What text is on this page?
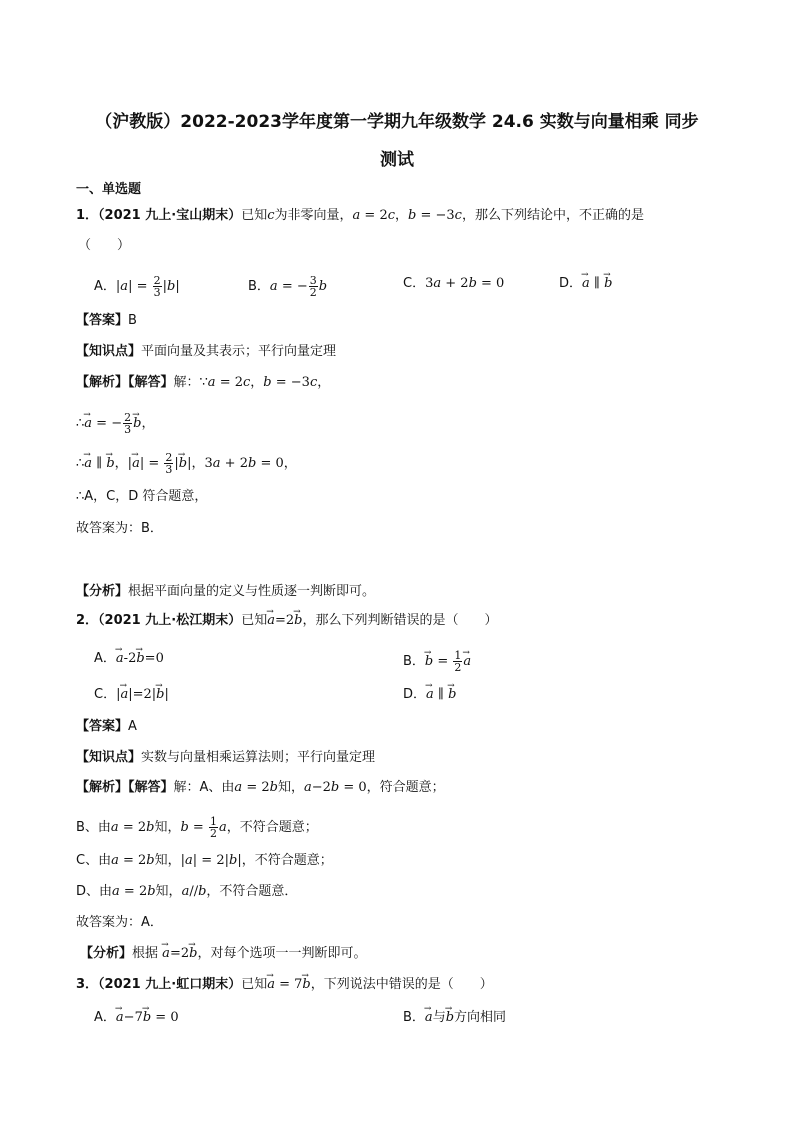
（沪教版）2022-2023学年度第一学期九年级数学 24.6 实数与向量相乘 同步
测试
一、单选题
1．（2021 九上·宝山期末）已知c为非零向量，a = 2c，b = −3c，那么下列结论中，不正确的是
（　　）
A．$|a| = \frac{2}{3} |b|$	B．a = − $\frac{3}{2}$ b	C．3a + 2b = 0	D．→ a ∥ → b
【答案】B
【知识点】平面向量及其表示；平行向量定理
【解析】【解答】解：∵a = 2c，b = −3c，
∴→ a = − $\frac{2}{3}$
→ b，
∴→ a ∥ → b，|→ $a| = \frac{2}{3}$ |→ b|，3a + 2b = 0，
∴A，C，D 符合题意，
故答案为：B．
【分析】根据平面向量的定义与性质逐一判断即可。
2．（2021 九上·松江期末）已知→ a=2→ b，那么下列判断错误的是（　　）
A．→ a-2→ b=0	B．→ $b = \frac{1}{2}$
→ a
C．|→ a|=2|→ b|	D．→ a ∥ → b
【答案】A
【知识点】实数与向量相乘运算法则；平行向量定理
【解析】【解答】解：A、由a = 2b知，a−2b = 0，符合题意；
B、由a = 2b知，$b = \frac{1}{2}$ a，不符合题意；
C、由a = 2b知，|a| = 2|b|，不符合题意；
D、由a = 2b知，a//b，不符合题意．
故答案为：A．
【分析】根据 → a=2→ b，对每个选项一一判断即可。
3．（2021 九上·虹口期末）已知→ a = 7→ b，下列说法中错误的是（　　）
A．→ a−7→ b = 0	B．→ a与→ b方向相同
